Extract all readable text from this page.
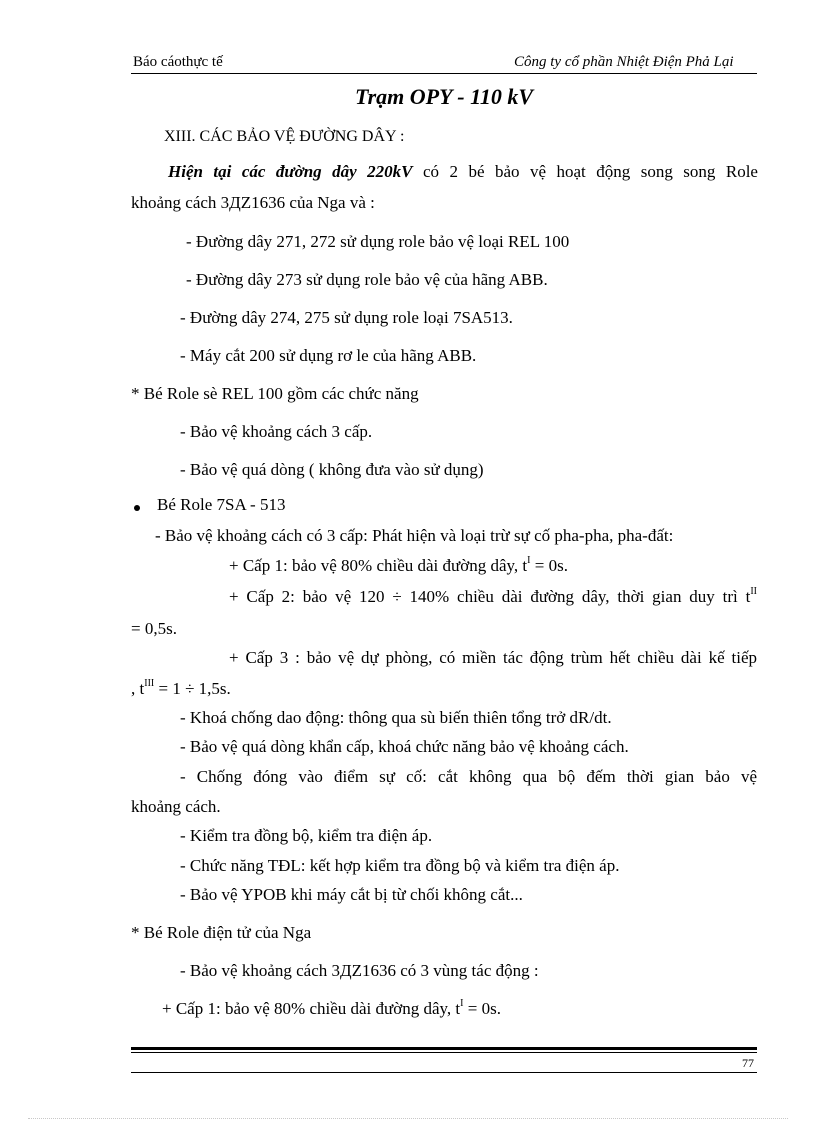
Báo cáothực tế	Công ty cổ phần Nhiệt Điện Phả Lại
Trạm OPY - 110 kV
XIII. CÁC BẢO VỆ ĐƯỜNG DÂY :
Hiện tại các đường dây 220kV có 2 bé bảo vệ hoạt động song song Role
khoảng cách 3ДZ1636 của Nga và :
- Đường dây 271, 272 sử dụng role bảo vệ loại REL 100
- Đường dây 273 sử dụng role bảo vệ của hãng ABB.
- Đường dây 274, 275 sử dụng role loại 7SA513.
- Máy cắt 200 sử dụng rơ le của hãng ABB.
* Bé Role sè REL 100 gồm các chức năng
- Bảo vệ khoảng cách 3 cấp.
- Bảo vệ quá dòng ( không đưa vào sử dụng)
Bé Role 7SA - 513
- Bảo vệ khoảng cách có 3 cấp: Phát hiện và loại trừ sự cố pha-pha, pha-đất:
+ Cấp 1: bảo vệ 80% chiều dài đường dây, $t^I = 0s$.
+ Cấp 2: bảo vệ 120 ÷ 140% chiều dài đường dây, thời gian duy trì $t^{II}$
= 0,5s.
+ Cấp 3 : bảo vệ dự phòng, có miền tác động trùm hết chiều dài kế tiếp
, $t^{III} = 1 \div 1,5s$.
- Khoá chống dao động: thông qua sù biến thiên tổng trở dR/dt.
- Bảo vệ quá dòng khẩn cấp, khoá chức năng bảo vệ khoảng cách.
- Chống đóng vào điểm sự cố: cắt không qua bộ đếm thời gian bảo vệ
khoảng cách.
- Kiểm tra đồng bộ, kiểm tra điện áp.
- Chức năng TĐL: kết hợp kiểm tra đồng bộ và kiểm tra điện áp.
- Bảo vệ YPOB khi máy cắt bị từ chối không cắt...
* Bé Role điện tử của Nga
- Bảo vệ khoảng cách 3ДZ1636 có 3 vùng tác động :
+ Cấp 1: bảo vệ 80% chiều dài đường dây, $t^I = 0s$.
77
